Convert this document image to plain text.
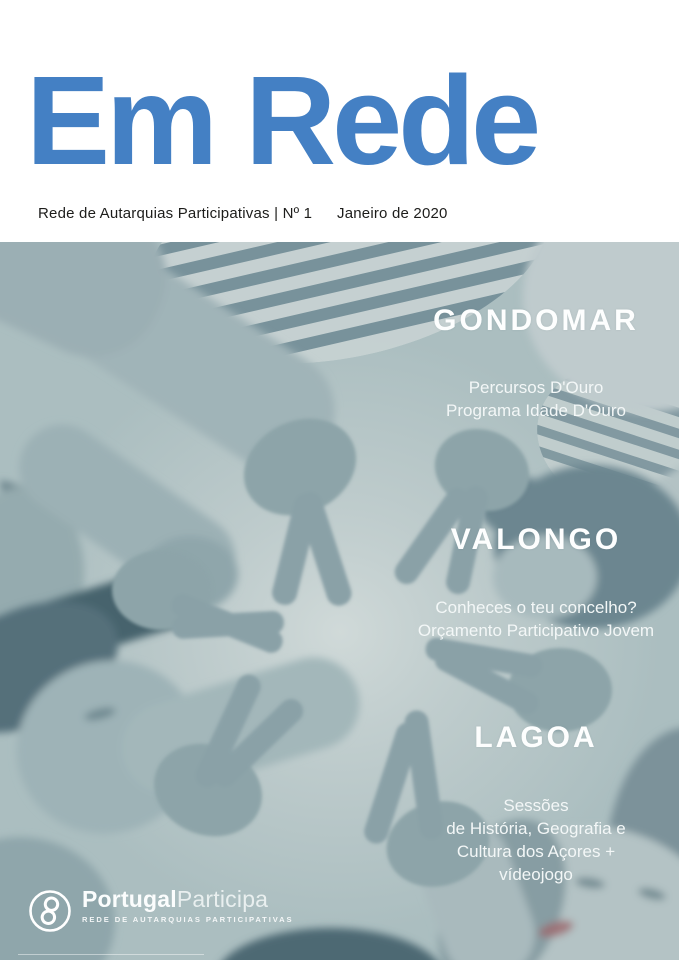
Em Rede
Rede de Autarquias Participativas | Nº 1 Janeiro de 2020
GONDOMAR
Percursos D'Ouro
Programa Idade D'Ouro
VALONGO
Conheces o teu concelho?
Orçamento Participativo Jovem
LAGOA
Sessões
de História, Geografia e
Cultura dos Açores +
vídeojogo
PortugalParticipa
REDE DE AUTARQUIAS PARTICIPATIVAS
